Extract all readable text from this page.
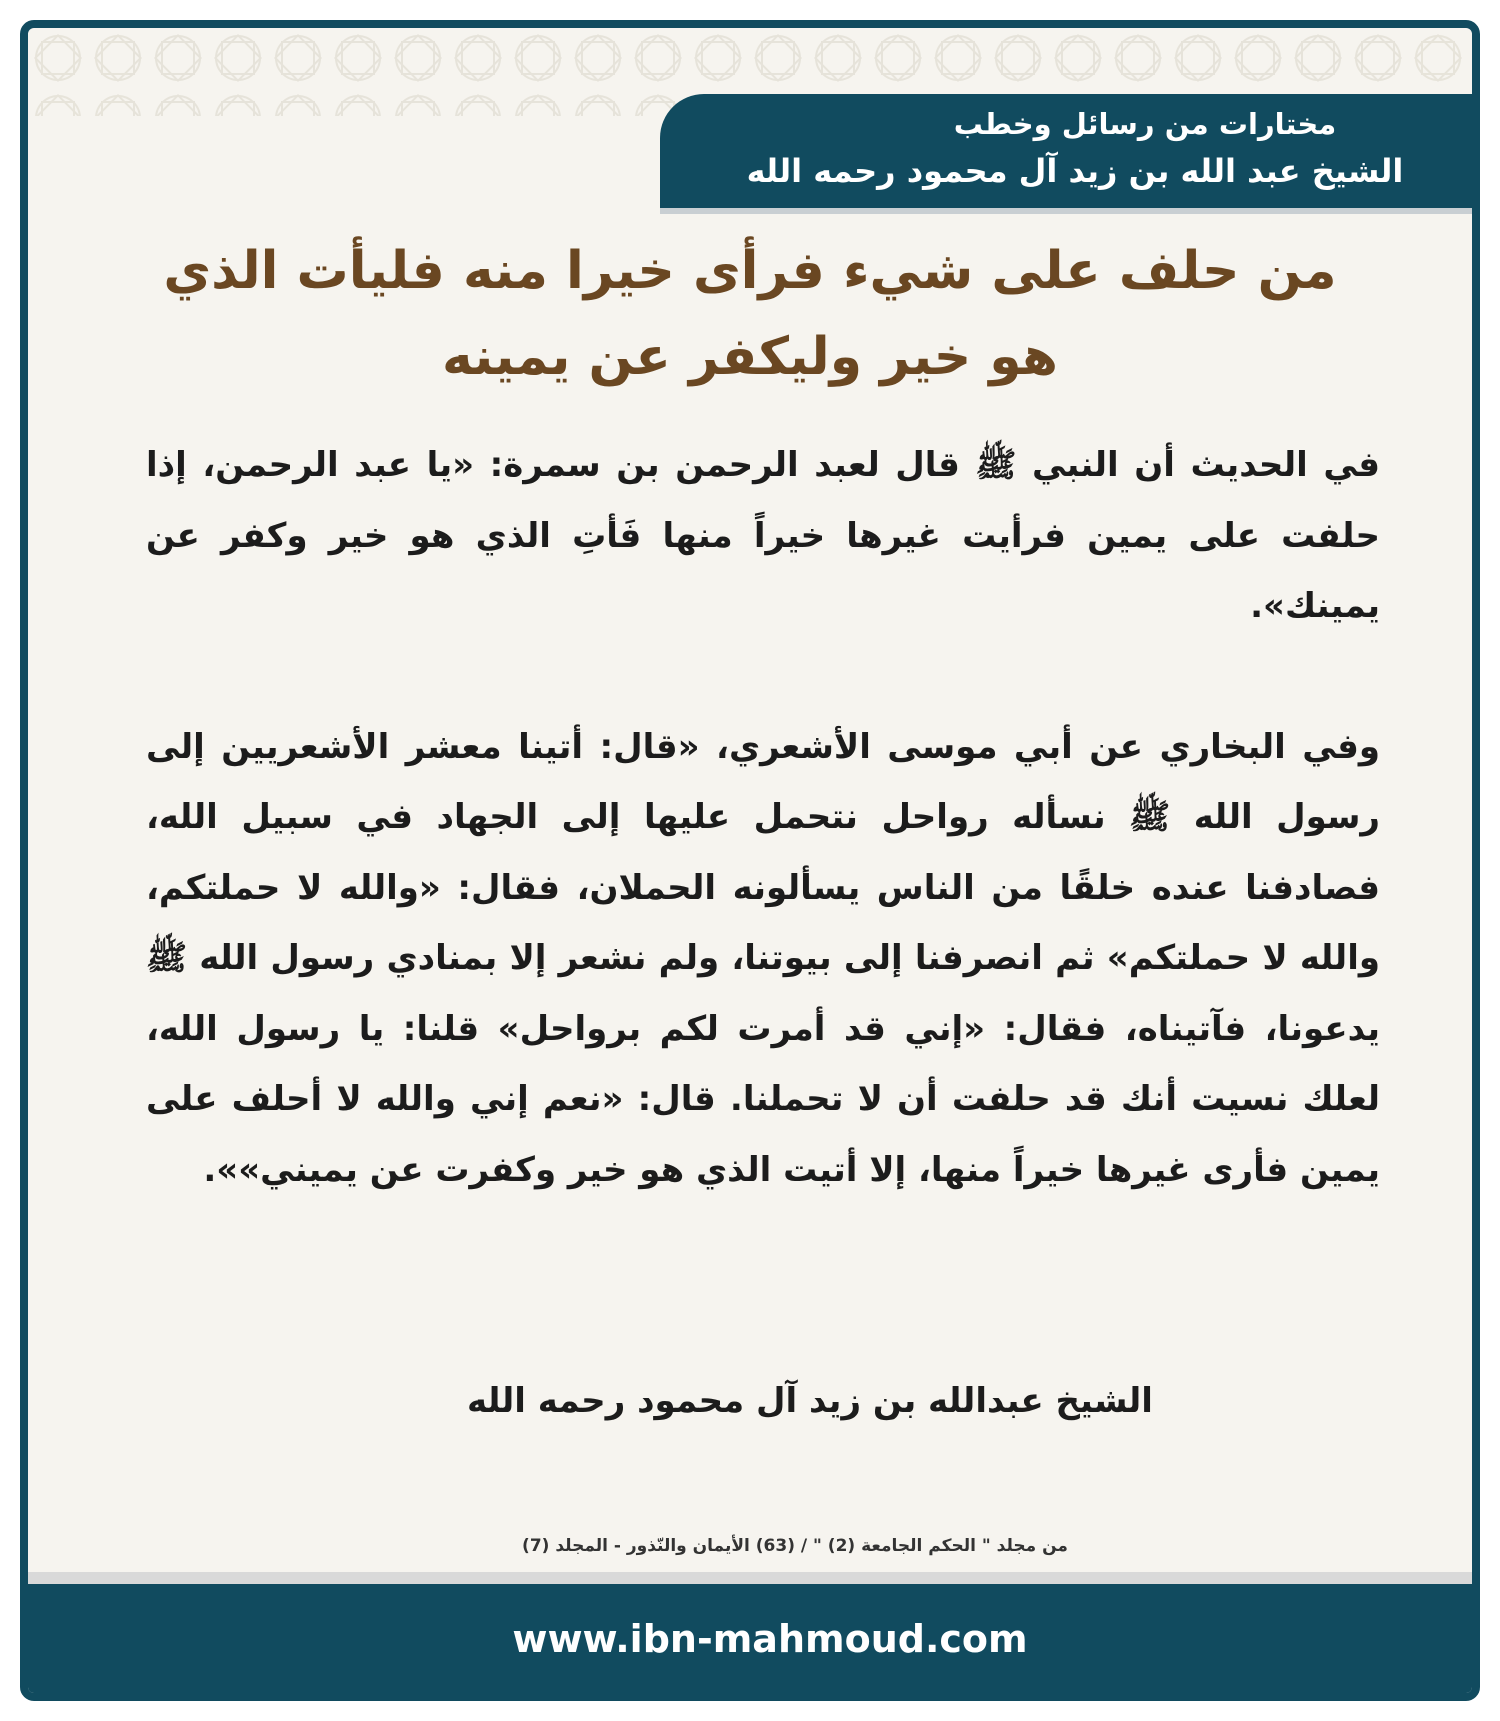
مختارات من رسائل وخطب
الشيخ عبد الله بن زيد آل محمود رحمه الله
من حلف على شيء فرأى خيرا منه فليأت الذي
هو خير وليكفر عن يمينه

في الحديث أن النبي ﷺ قال لعبد الرحمن بن سمرة: «يا عبد الرحمن، إذا حلفت على يمين فرأيت غيرها خيراً منها فَأتِ الذي هو خير وكفر عن يمينك».

وفي البخاري عن أبي موسى الأشعري، «قال: أتينا معشر الأشعريين إلى رسول الله ﷺ نسأله رواحل نتحمل عليها إلى الجهاد في سبيل الله، فصادفنا عنده خلقًا من الناس يسألونه الحملان، فقال: «والله لا حملتكم، والله لا حملتكم» ثم انصرفنا إلى بيوتنا، ولم نشعر إلا بمنادي رسول الله ﷺ يدعونا، فآتيناه، فقال: «إني قد أمرت لكم برواحل» قلنا: يا رسول الله، لعلك نسيت أنك قد حلفت أن لا تحملنا. قال: «نعم إني والله لا أحلف على يمين فأرى غيرها خيراً منها، إلا أتيت الذي هو خير وكفرت عن يميني»».

الشيخ عبدالله بن زيد آل محمود رحمه الله
من مجلد " الحكم الجامعة (2) " / (63) الأيمان والنّذور - المجلد (7)
www.ibn-mahmoud.com
